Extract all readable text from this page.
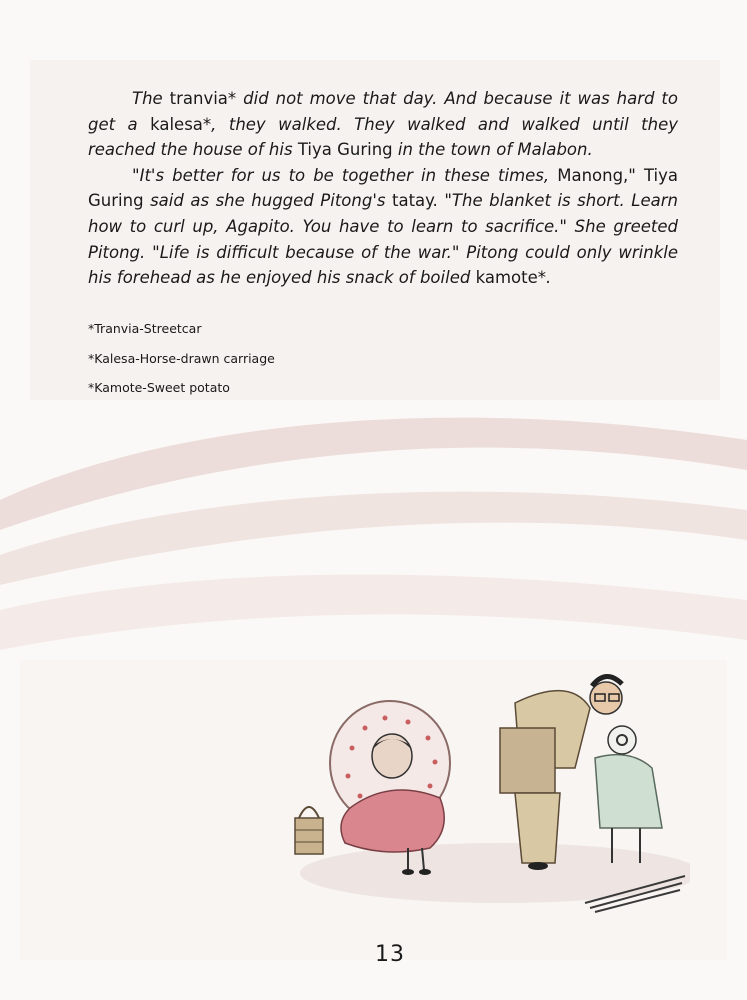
The tranvia* did not move that day. And because it was hard to get a kalesa*, they walked. They walked and walked until they reached the house of his Tiya Guring in the town of Malabon.

"It's better for us to be together in these times, Manong," Tiya Guring said as she hugged Pitong's tatay. "The blanket is short. Learn how to curl up, Agapito. You have to learn to sacrifice." She greeted Pitong. "Life is difficult because of the war." Pitong could only wrinkle his forehead as he enjoyed his snack of boiled kamote*.

*Tranvia-Streetcar
*Kalesa-Horse-drawn carriage
*Kamote-Sweet potato
13
